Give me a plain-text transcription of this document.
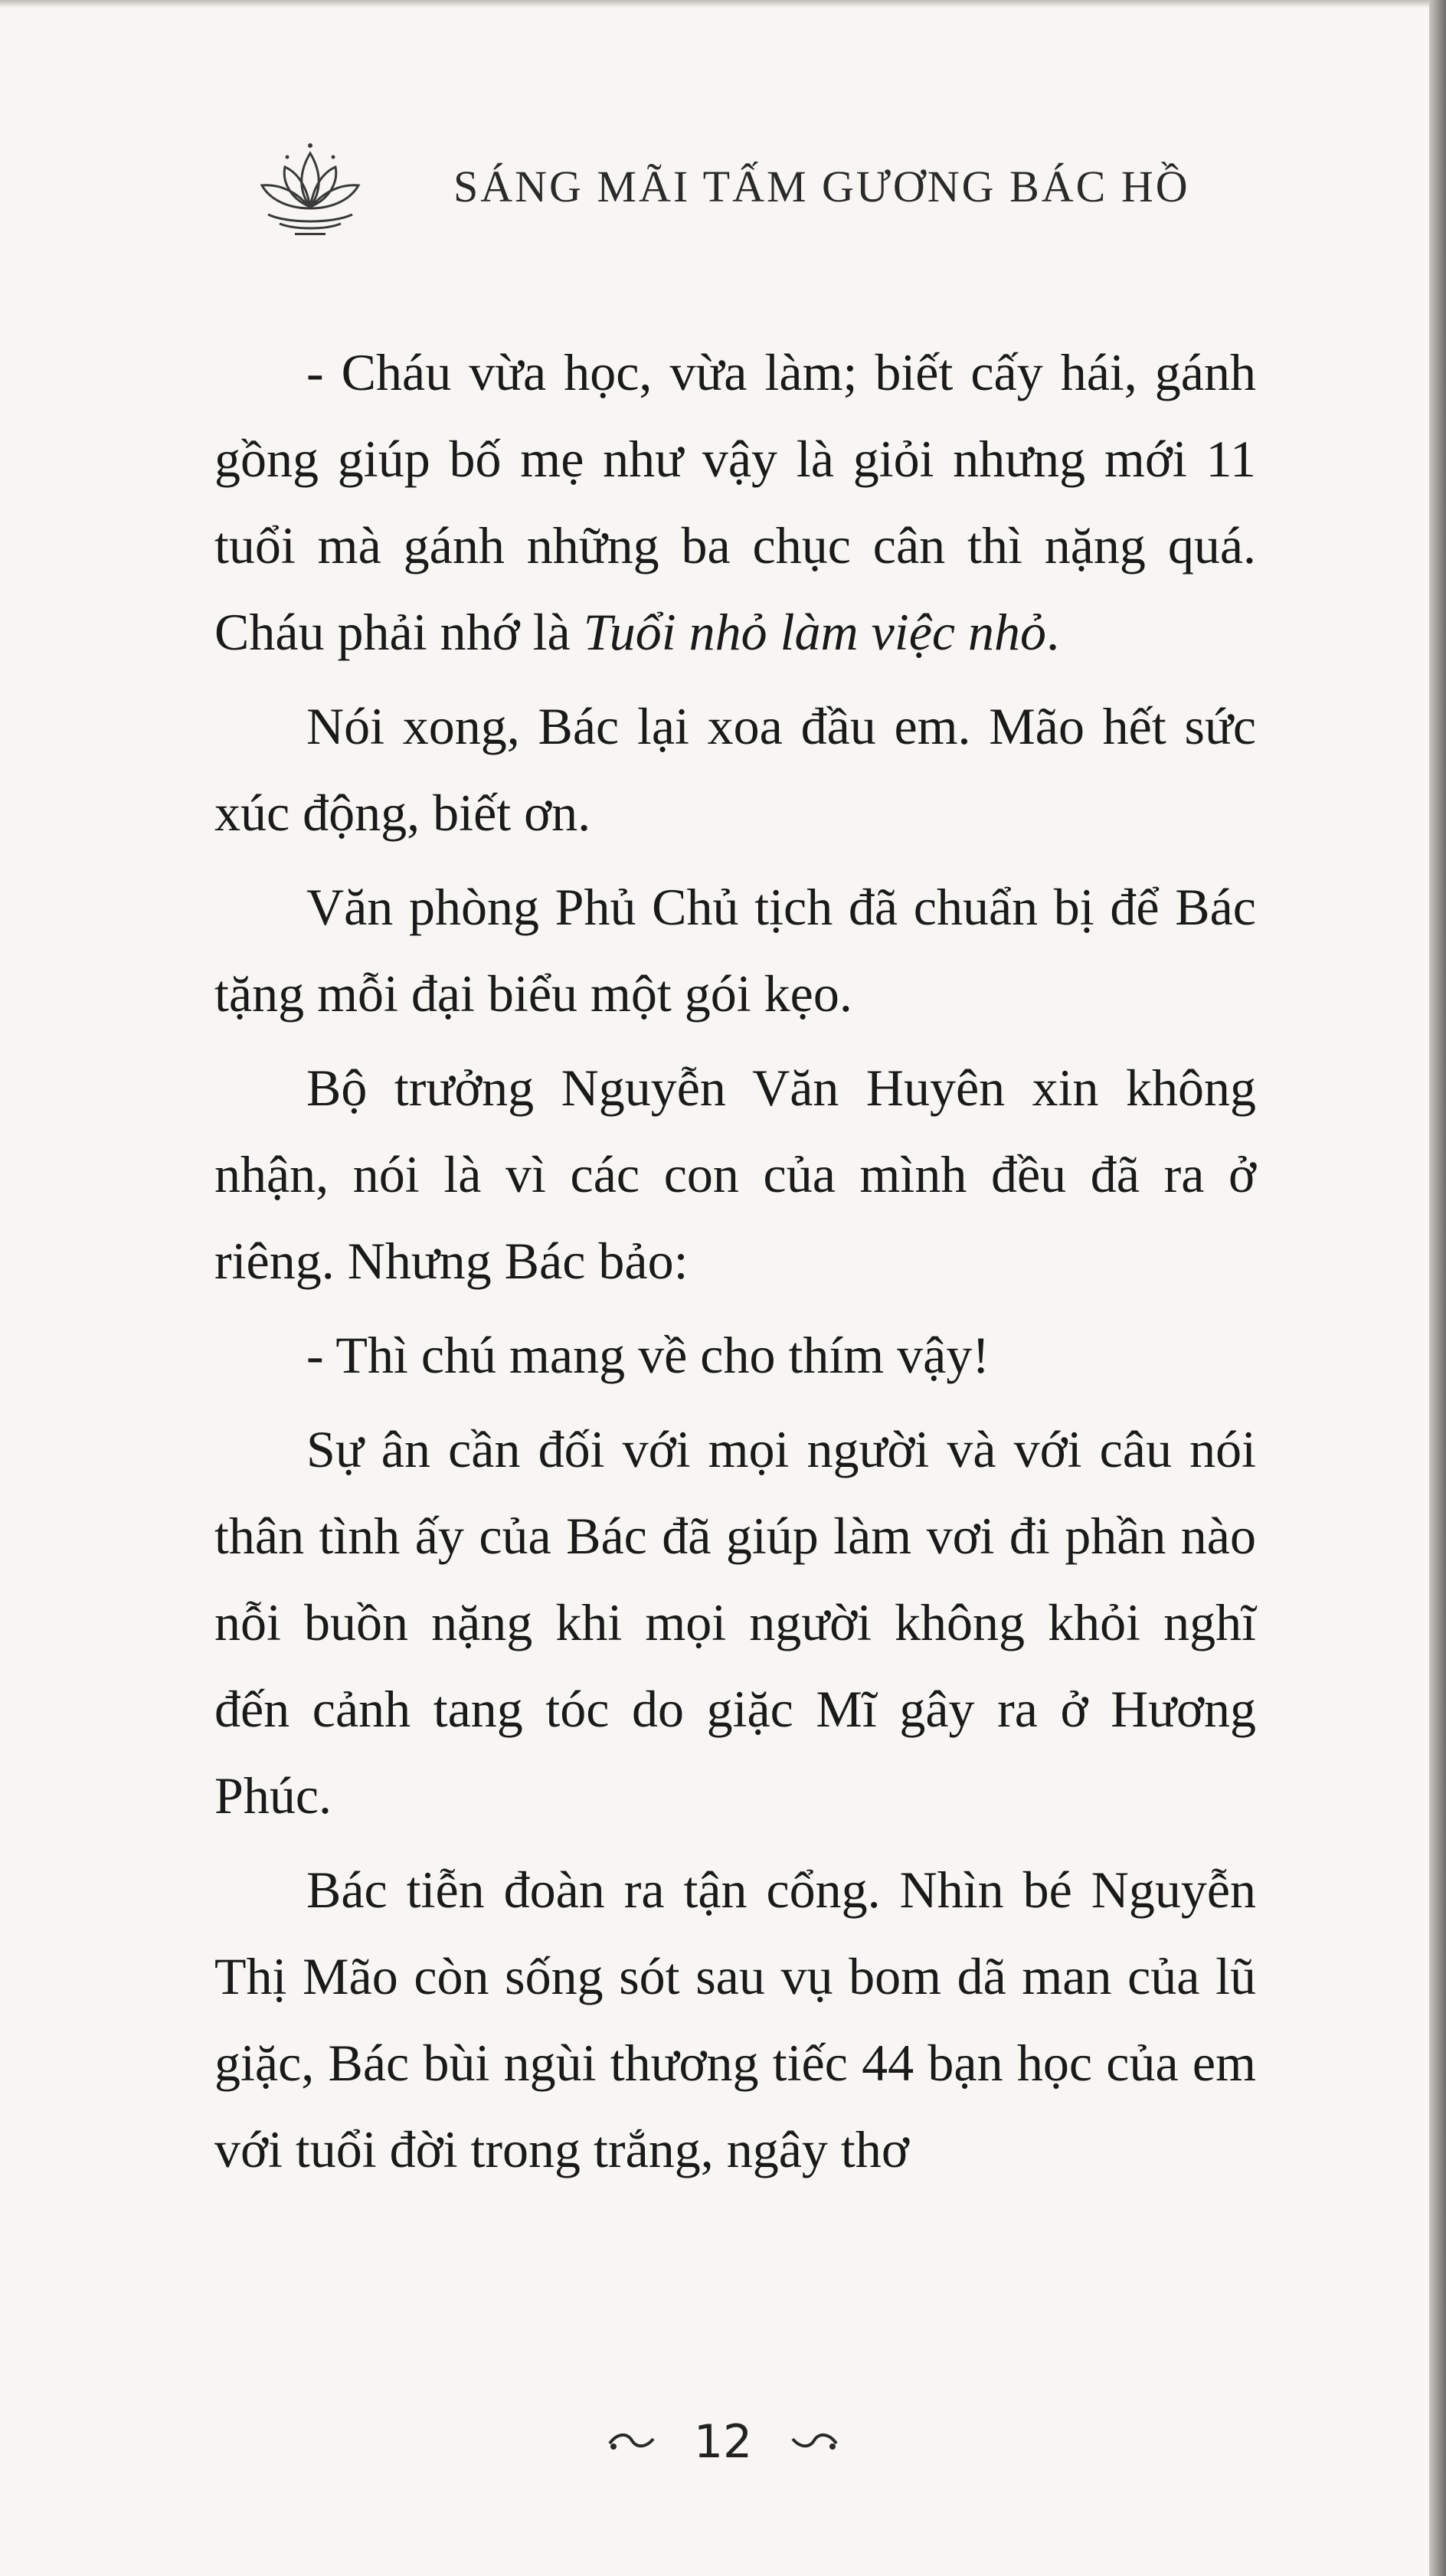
SÁNG MÃI TẤM GƯƠNG BÁC HỒ

- Cháu vừa học, vừa làm; biết cấy hái, gánh gồng giúp bố mẹ như vậy là giỏi nhưng mới 11 tuổi mà gánh những ba chục cân thì nặng quá. Cháu phải nhớ là Tuổi nhỏ làm việc nhỏ.

Nói xong, Bác lại xoa đầu em. Mão hết sức xúc động, biết ơn.

Văn phòng Phủ Chủ tịch đã chuẩn bị để Bác tặng mỗi đại biểu một gói kẹo.

Bộ trưởng Nguyễn Văn Huyên xin không nhận, nói là vì các con của mình đều đã ra ở riêng. Nhưng Bác bảo:

- Thì chú mang về cho thím vậy!

Sự ân cần đối với mọi người và với câu nói thân tình ấy của Bác đã giúp làm vơi đi phần nào nỗi buồn nặng khi mọi người không khỏi nghĩ đến cảnh tang tóc do giặc Mĩ gây ra ở Hương Phúc.

Bác tiễn đoàn ra tận cổng. Nhìn bé Nguyễn Thị Mão còn sống sót sau vụ bom dã man của lũ giặc, Bác bùi ngùi thương tiếc 44 bạn học của em với tuổi đời trong trắng, ngây thơ

12
